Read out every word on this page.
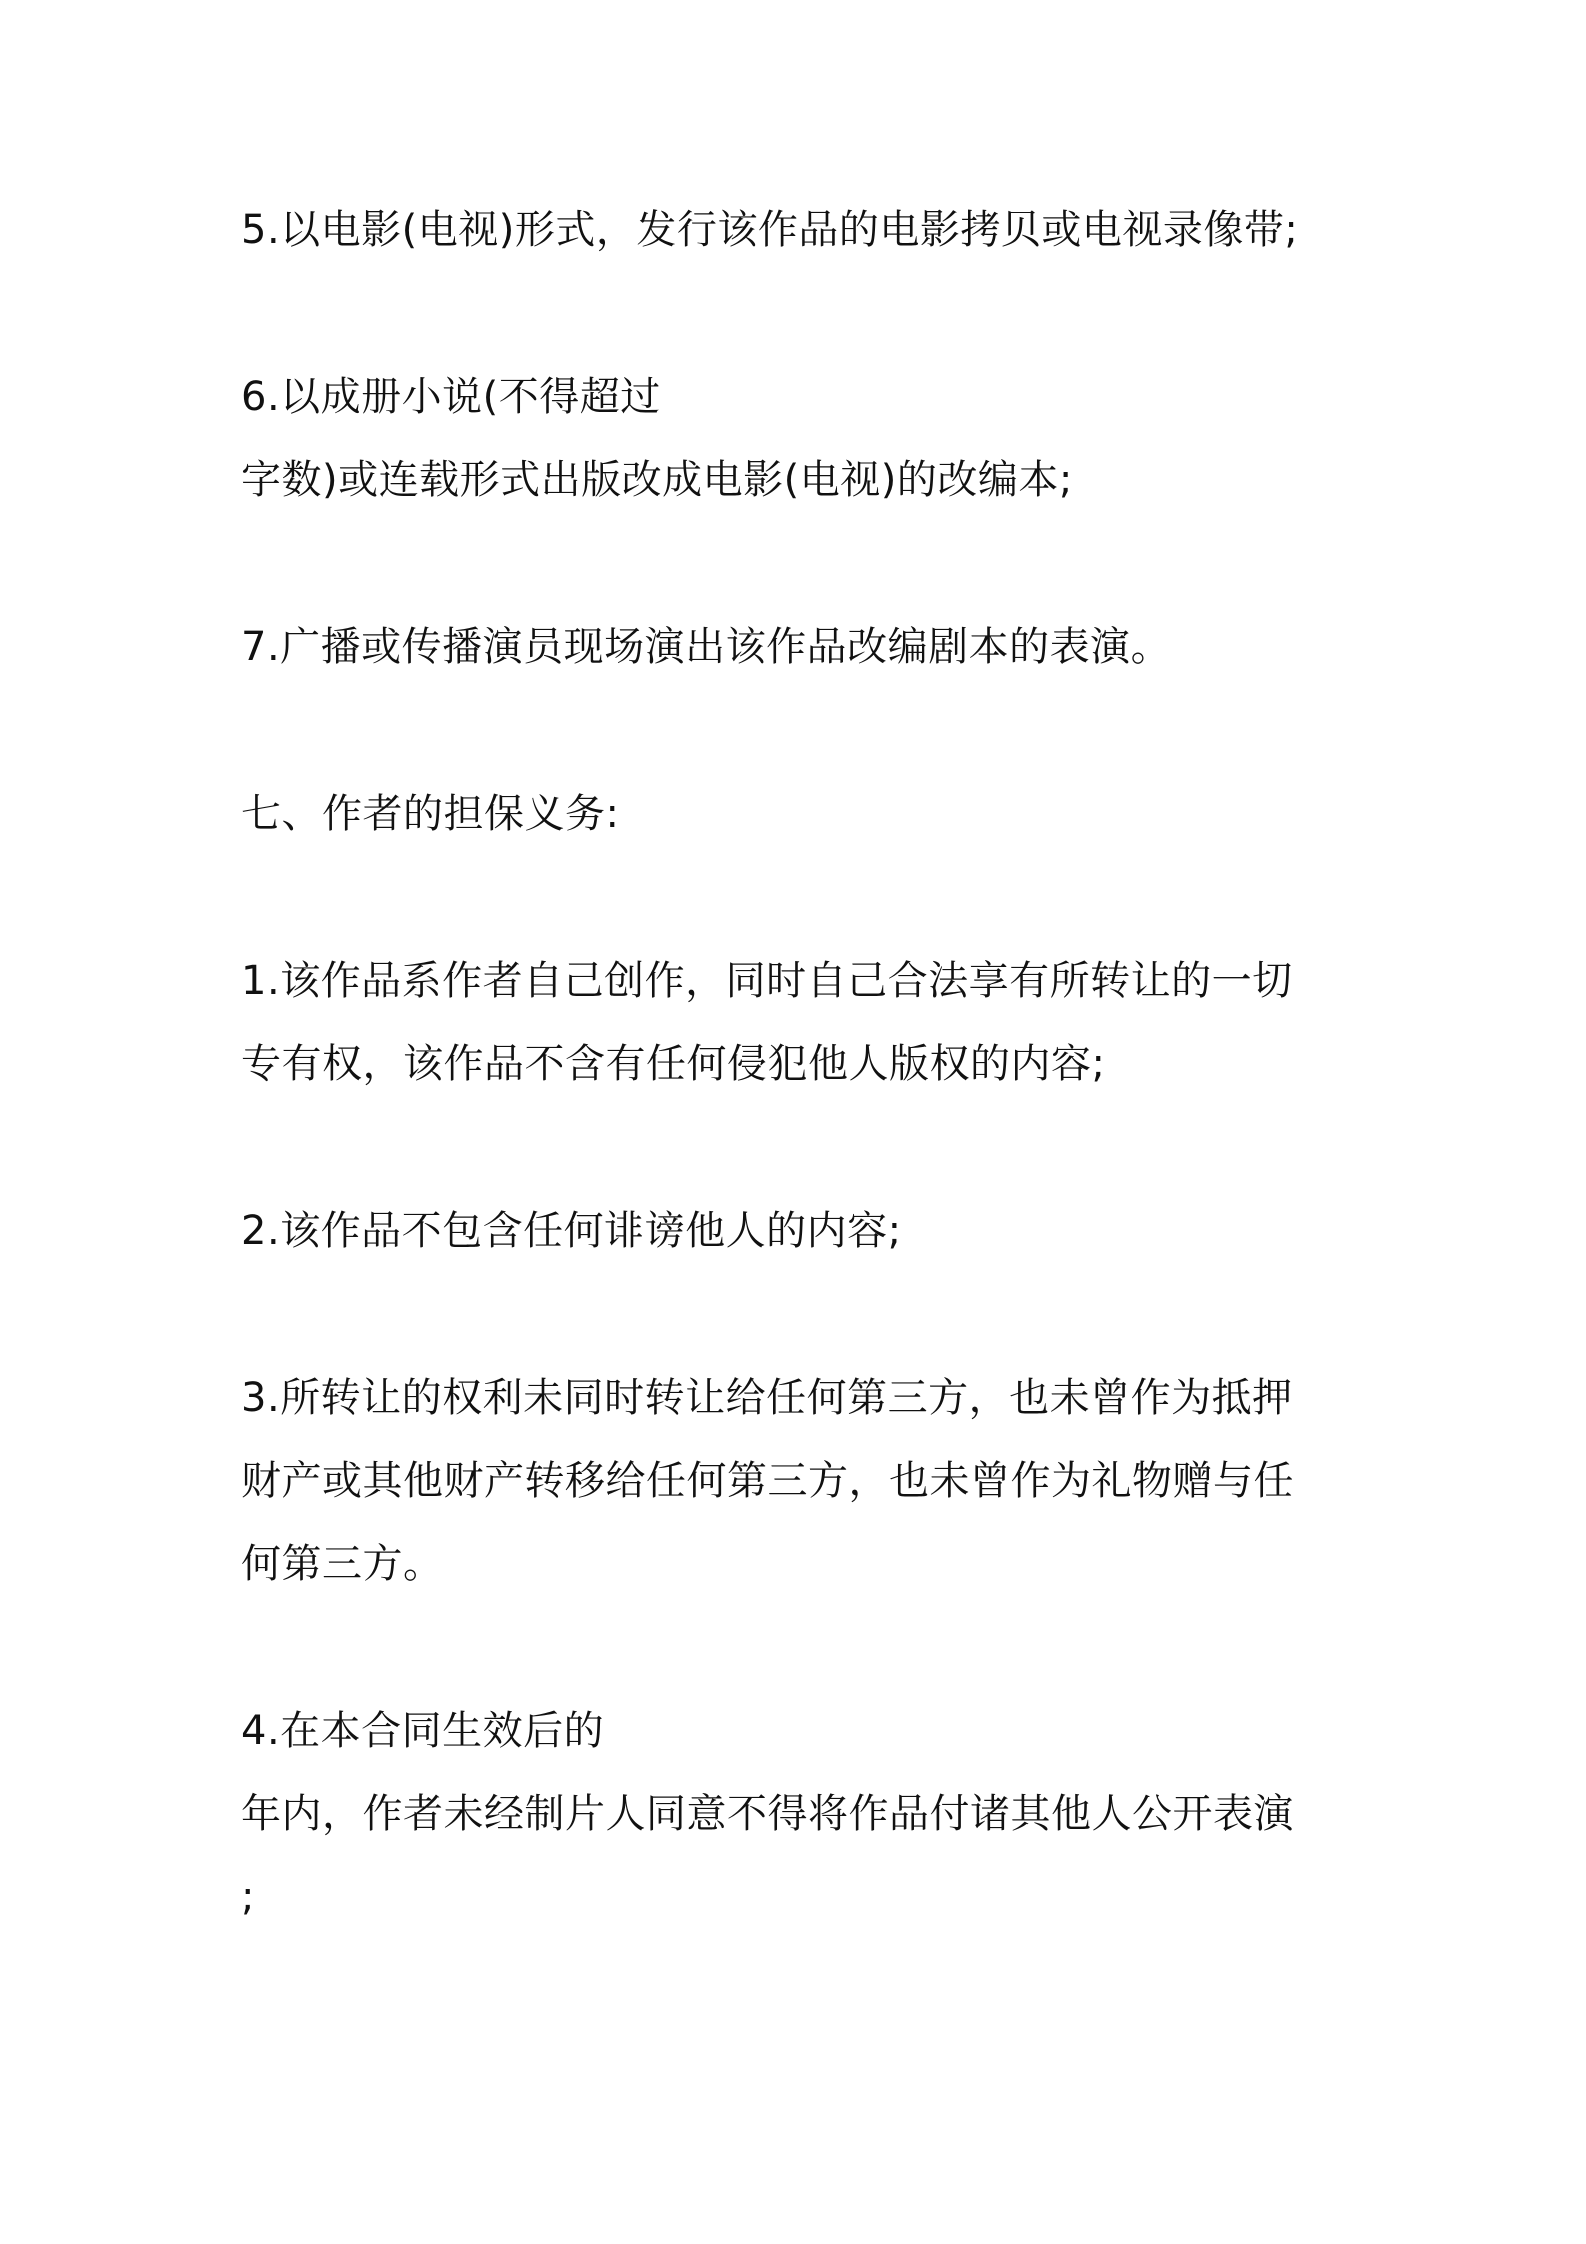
5.以电影(电视)形式，发行该作品的电影拷贝或电视录像带;
6.以成册小说(不得超过
字数)或连载形式出版改成电影(电视)的改编本;
7.广播或传播演员现场演出该作品改编剧本的表演。
七、作者的担保义务:
1.该作品系作者自己创作，同时自己合法享有所转让的一切
专有权，该作品不含有任何侵犯他人版权的内容;
2.该作品不包含任何诽谤他人的内容;
3.所转让的权利未同时转让给任何第三方，也未曾作为抵押
财产或其他财产转移给任何第三方，也未曾作为礼物赠与任
何第三方。
4.在本合同生效后的
年内，作者未经制片人同意不得将作品付诸其他人公开表演
;
